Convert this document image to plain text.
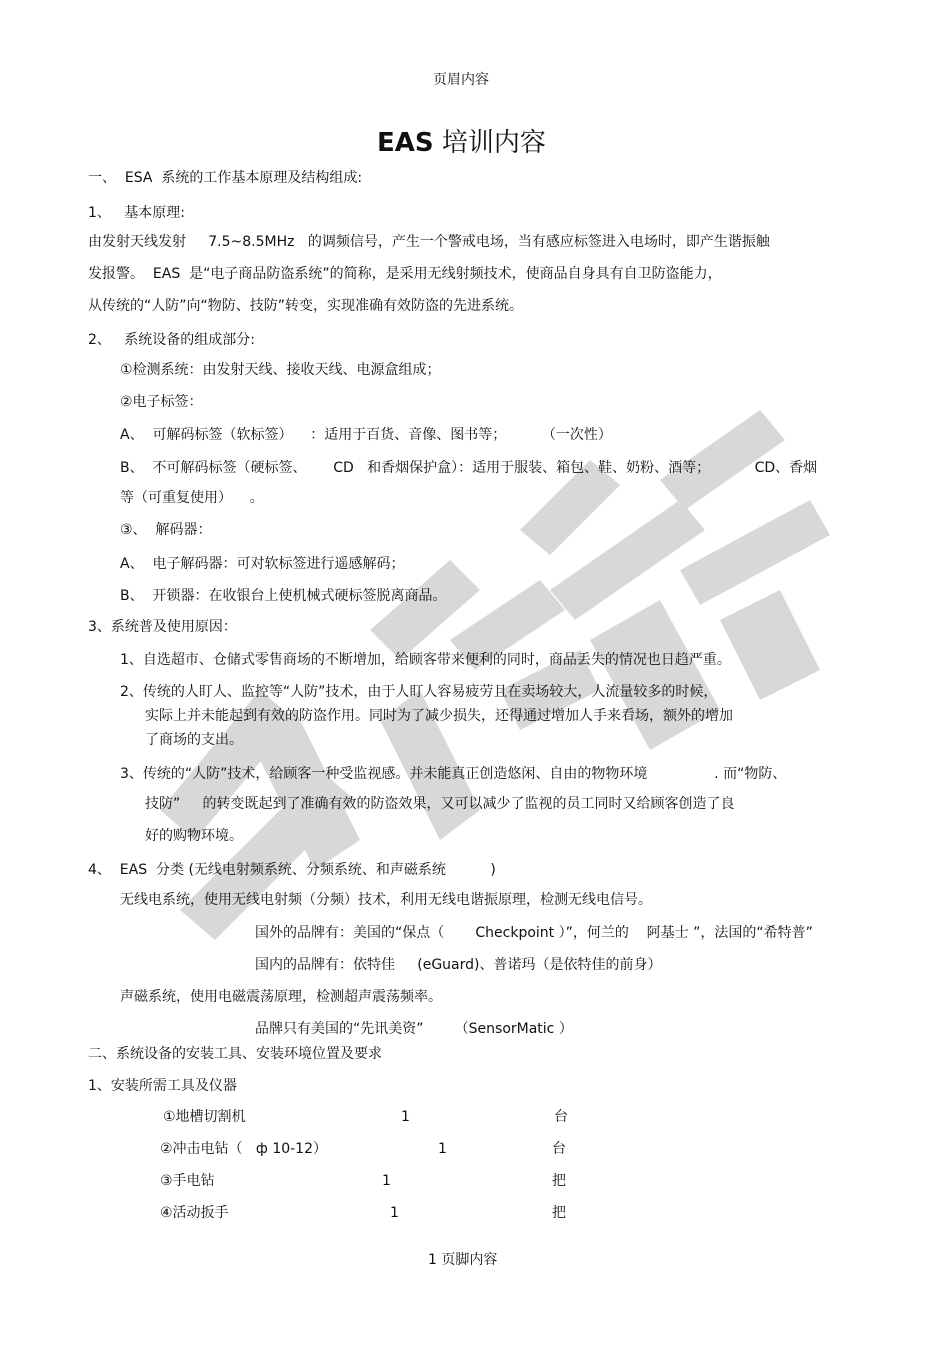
页眉内容
EAS 培训内容
一、  ESA  系统的工作基本原理及结构组成:
1、   基本原理:
由发射天线发射     7.5~8.5MHz   的调频信号，产生一个警戒电场，当有感应标签进入电场时，即产生谐振触
发报警。  EAS  是“电子商品防盗系统”的简称，是采用无线射频技术，使商品自身具有自卫防盗能力，
从传统的“人防”向“物防、技防”转变，实现准确有效防盗的先进系统。
2、   系统设备的组成部分:
①检测系统：由发射天线、接收天线、电源盒组成；
②电子标签：
A、  可解码标签（软标签）    ：适用于百货、音像、图书等；        （一次性）
B、  不可解码标签（硬标签、      CD   和香烟保护盒）：适用于服装、箱包、鞋、奶粉、酒等；          CD、香烟
等（可重复使用）    。
③、  解码器：
A、  电子解码器：可对软标签进行遥感解码；
B、  开锁器：在收银台上使机械式硬标签脱离商品。
3、系统普及使用原因：
1、自选超市、仓储式零售商场的不断增加，给顾客带来便利的同时，商品丢失的情况也日趋严重。
2、传统的人盯人、监控等“人防”技术，由于人盯人容易疲劳且在卖场较大，人流量较多的时候，
实际上并未能起到有效的防盗作用。同时为了减少损失，还得通过增加人手来看场，额外的增加
了商场的支出。
3、传统的“人防”技术，给顾客一种受监视感。并未能真正创造悠闲、自由的物物环境               . 而“物防、
技防”     的转变既起到了准确有效的防盗效果，又可以减少了监视的员工同时又给顾客创造了良
好的购物环境。
4、  EAS  分类 (无线电射频系统、分频系统、和声磁系统          )
无线电系统，使用无线电射频（分频）技术，利用无线电谐振原理，检测无线电信号。
国外的品牌有：美国的“保点（       Checkpoint ）”，何兰的    阿基士 ”，法国的“希特普”
国内的品牌有：依特佳     (eGuard)、普诺玛（是依特佳的前身）
声磁系统，使用电磁震荡原理，检测超声震荡频率。
品牌只有美国的“先讯美资”       （SensorMatic ）
二、系统设备的安装工具、安装环境位置及要求
1、安装所需工具及仪器
①地槽切割机	1	台
②冲击电钻（   ф 10-12）	1	台
③手电钻	1	把
④活动扳手	1	把
1 页脚内容
